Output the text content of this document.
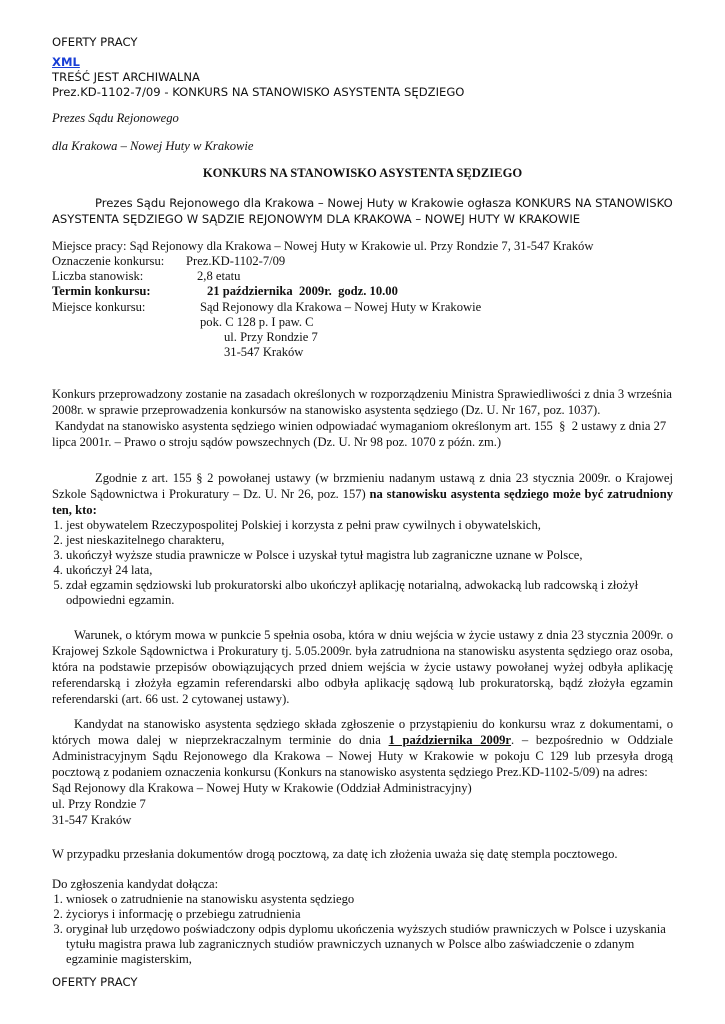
OFERTY PRACY
XML
TREŚĆ JEST ARCHIWALNA
Prez.KD-1102-7/09 - KONKURS NA STANOWISKO ASYSTENTA SĘDZIEGO
Prezes Sądu Rejonowego
dla Krakowa – Nowej Huty w Krakowie
KONKURS NA STANOWISKO ASYSTENTA SĘDZIEGO
Prezes Sądu Rejonowego dla Krakowa – Nowej Huty w Krakowie ogłasza KONKURS NA STANOWISKO
ASYSTENTA SĘDZIEGO W SĄDZIE REJONOWYM DLA KRAKOWA – NOWEJ HUTY W KRAKOWIE
Miejsce pracy: Sąd Rejonowy dla Krakowa – Nowej Huty w Krakowie ul. Przy Rondzie 7, 31-547 Kraków
Oznaczenie konkursu: Prez.KD-1102-7/09
Liczba stanowisk:	2,8 etatu
Termin konkursu:	21 października  2009r.  godz. 10.00
Miejsce konkursu:	Sąd Rejonowy dla Krakowa – Nowej Huty w Krakowie
pok. C 128 p. I paw. C
ul. Przy Rondzie 7
31-547 Kraków
Konkurs przeprowadzony zostanie na zasadach określonych w rozporządzeniu Ministra Sprawiedliwości z dnia 3 września
2008r. w sprawie przeprowadzenia konkursów na stanowisko asystenta sędziego (Dz. U. Nr 167, poz. 1037).
Kandydat na stanowisko asystenta sędziego winien odpowiadać wymaganiom określonym art. 155  §  2 ustawy z dnia 27
lipca 2001r. – Prawo o stroju sądów powszechnych (Dz. U. Nr 98 poz. 1070 z późn. zm.)
Zgodnie z art. 155 § 2 powołanej ustawy (w brzmieniu nadanym ustawą z dnia 23 stycznia 2009r. o Krajowej Szkole Sądownictwa i Prokuratury – Dz. U. Nr 26, poz. 157) na stanowisku asystenta sędziego może być zatrudniony ten, kto:
1. jest obywatelem Rzeczypospolitej Polskiej i korzysta z pełni praw cywilnych i obywatelskich,
2. jest nieskazitelnego charakteru,
3. ukończył wyższe studia prawnicze w Polsce i uzyskał tytuł magistra lub zagraniczne uznane w Polsce,
4. ukończył 24 lata,
5. zdał egzamin sędziowski lub prokuratorski albo ukończył aplikację notarialną, adwokacką lub radcowską i złożył odpowiedni egzamin.
Warunek, o którym mowa w punkcie 5 spełnia osoba, która w dniu wejścia w życie ustawy z dnia 23 stycznia 2009r. o Krajowej Szkole Sądownictwa i Prokuratury tj. 5.05.2009r. była zatrudniona na stanowisku asystenta sędziego oraz osoba, która na podstawie przepisów obowiązujących przed dniem wejścia w życie ustawy powołanej wyżej odbyła aplikację referendarską i złożyła egzamin referendarski albo odbyła aplikację sądową lub prokuratorską, bądź złożyła egzamin referendarski (art. 66 ust. 2 cytowanej ustawy).
Kandydat na stanowisko asystenta sędziego składa zgłoszenie o przystąpieniu do konkursu wraz z dokumentami, o których mowa dalej w nieprzekraczalnym terminie do dnia 1 października 2009r. – bezpośrednio w Oddziale Administracyjnym Sądu Rejonowego dla Krakowa – Nowej Huty w Krakowie w pokoju C 129 lub przesyła drogą pocztową z podaniem oznaczenia konkursu (Konkurs na stanowisko asystenta sędziego Prez.KD-1102-5/09) na adres:
Sąd Rejonowy dla Krakowa – Nowej Huty w Krakowie (Oddział Administracyjny)
ul. Przy Rondzie 7
31-547 Kraków
W przypadku przesłania dokumentów drogą pocztową, za datę ich złożenia uważa się datę stempla pocztowego.
Do zgłoszenia kandydat dołącza:
1. wniosek o zatrudnienie na stanowisku asystenta sędziego
2. życiorys i informację o przebiegu zatrudnienia
3. oryginał lub urzędowo poświadczony odpis dyplomu ukończenia wyższych studiów prawniczych w Polsce i uzyskania tytułu magistra prawa lub zagranicznych studiów prawniczych uznanych w Polsce albo zaświadczenie o zdanym egzaminie magisterskim,
OFERTY PRACY
